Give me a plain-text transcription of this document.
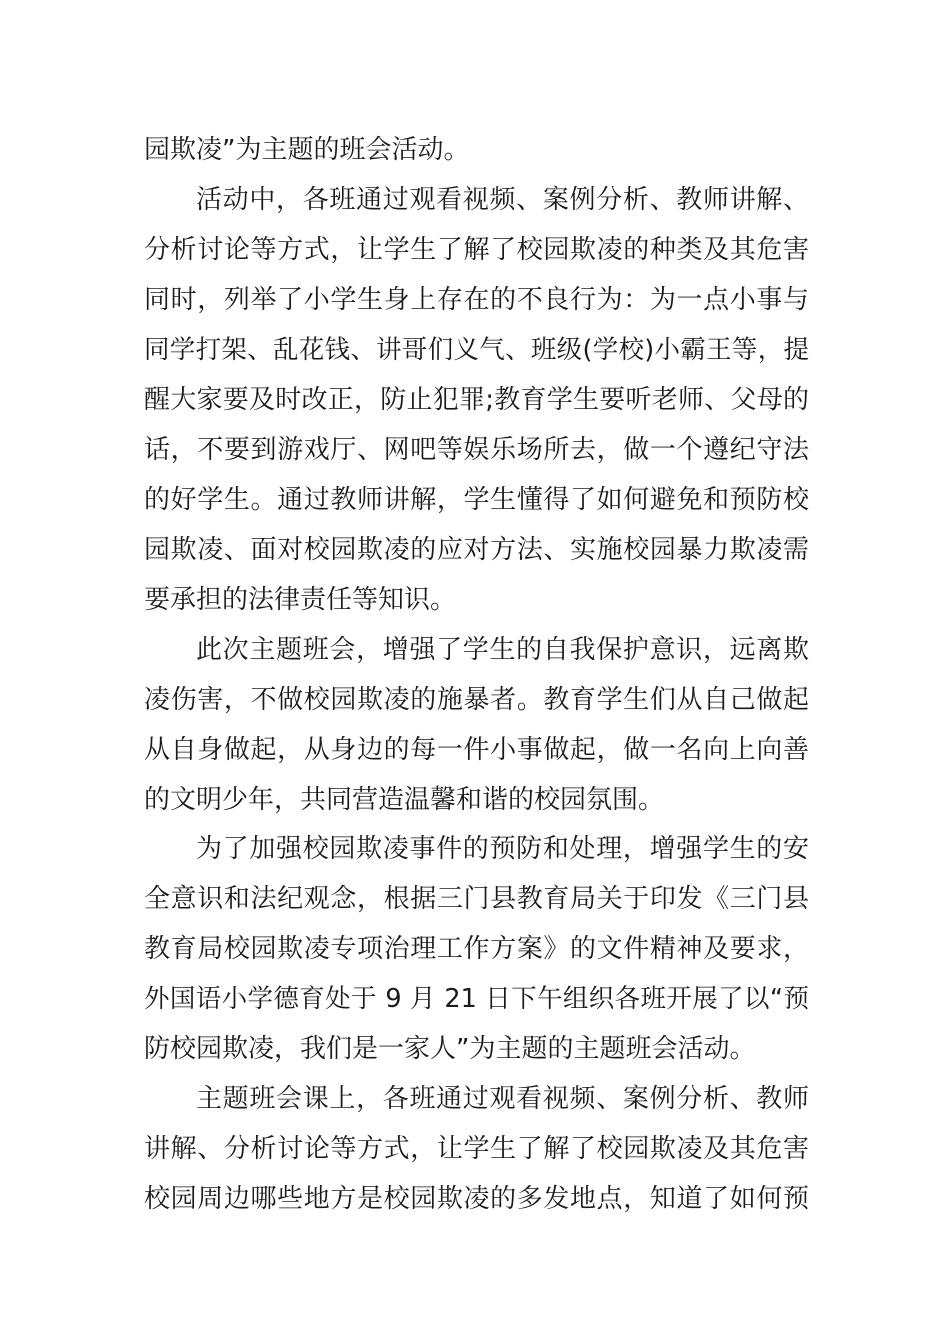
园欺凌”为主题的班会活动。
活动中，各班通过观看视频、案例分析、教师讲解、
分析讨论等方式，让学生了解了校园欺凌的种类及其危害
同时，列举了小学生身上存在的不良行为：为一点小事与
同学打架、乱花钱、讲哥们义气、班级(学校)小霸王等，提
醒大家要及时改正，防止犯罪;教育学生要听老师、父母的
话，不要到游戏厅、网吧等娱乐场所去，做一个遵纪守法
的好学生。通过教师讲解，学生懂得了如何避免和预防校
园欺凌、面对校园欺凌的应对方法、实施校园暴力欺凌需
要承担的法律责任等知识。
此次主题班会，增强了学生的自我保护意识，远离欺
凌伤害，不做校园欺凌的施暴者。教育学生们从自己做起
从自身做起，从身边的每一件小事做起，做一名向上向善
的文明少年，共同营造温馨和谐的校园氛围。
为了加强校园欺凌事件的预防和处理，增强学生的安
全意识和法纪观念，根据三门县教育局关于印发《三门县
教育局校园欺凌专项治理工作方案》的文件精神及要求，
外国语小学德育处于 9 月 21 日下午组织各班开展了以“预
防校园欺凌，我们是一家人”为主题的主题班会活动。
主题班会课上，各班通过观看视频、案例分析、教师
讲解、分析讨论等方式，让学生了解了校园欺凌及其危害
校园周边哪些地方是校园欺凌的多发地点，知道了如何预
